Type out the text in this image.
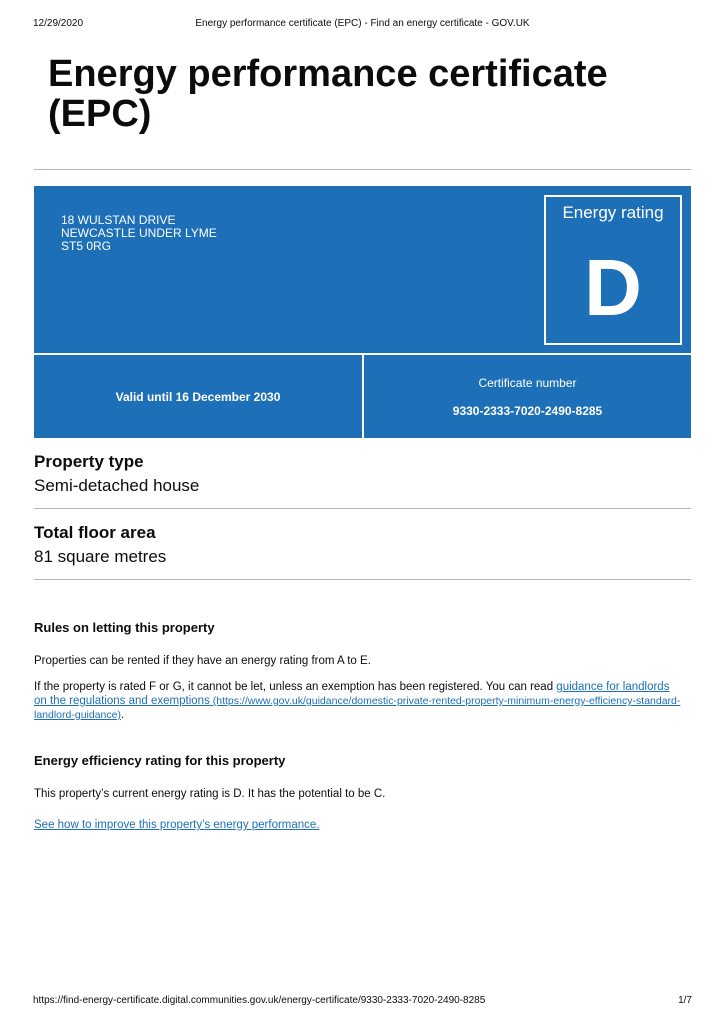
12/29/2020	Energy performance certificate (EPC) - Find an energy certificate - GOV.UK
Energy performance certificate (EPC)
18 WULSTAN DRIVE
NEWCASTLE UNDER LYME
ST5 0RG
Energy rating
D
Valid until 16 December 2030
Certificate number
9330-2333-7020-2490-8285
Property type

Semi-detached house

Total floor area

81 square metres

Rules on letting this property

Properties can be rented if they have an energy rating from A to E.

If the property is rated F or G, it cannot be let, unless an exemption has been registered. You can read guidance for landlords on the regulations and exemptions (https://www.gov.uk/guidance/domestic-private-rented-property-minimum-energy-efficiency-standard-landlord-guidance).

Energy efficiency rating for this property

This property’s current energy rating is D. It has the potential to be C.

See how to improve this property’s energy performance.

https://find-energy-certificate.digital.communities.gov.uk/energy-certificate/9330-2333-7020-2490-8285	1/7
